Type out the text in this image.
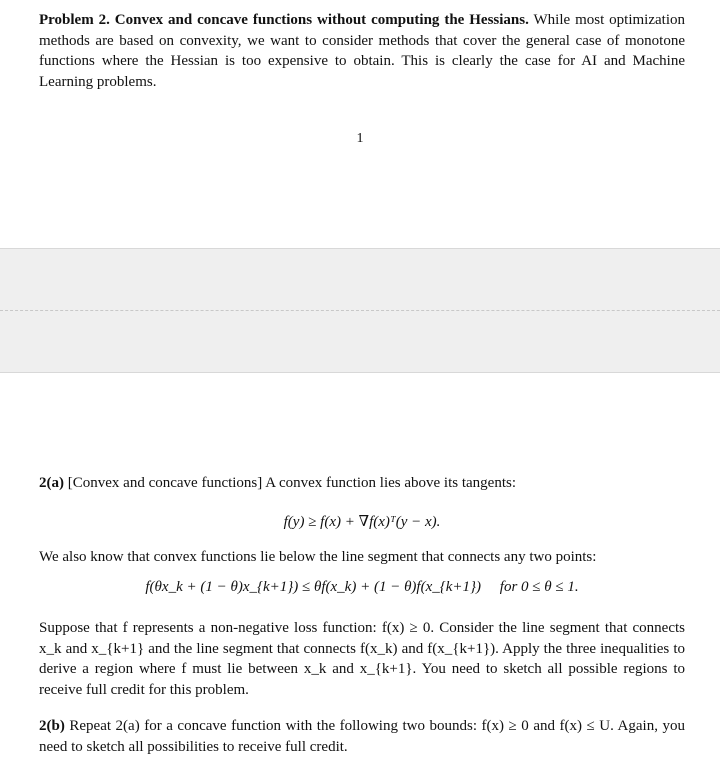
Problem 2. Convex and concave functions without computing the Hessians. While most optimization methods are based on convexity, we want to consider methods that cover the general case of monotone functions where the Hessian is too expensive to obtain. This is clearly the case for AI and Machine Learning problems.
1
2(a) [Convex and concave functions] A convex function lies above its tangents:
f(y) ≥ f(x) + ∇f(x)ᵀ(y − x).
We also know that convex functions lie below the line segment that connects any two points:
f(θx_k + (1 − θ)x_{k+1}) ≤ θf(x_k) + (1 − θ)f(x_{k+1}) for 0 ≤ θ ≤ 1.
Suppose that f represents a non-negative loss function: f(x) ≥ 0. Consider the line segment that connects x_k and x_{k+1} and the line segment that connects f(x_k) and f(x_{k+1}). Apply the three inequalities to derive a region where f must lie between x_k and x_{k+1}. You need to sketch all possible regions to receive full credit for this problem.
2(b) Repeat 2(a) for a concave function with the following two bounds: f(x) ≥ 0 and f(x) ≤ U. Again, you need to sketch all possibilities to receive full credit.
